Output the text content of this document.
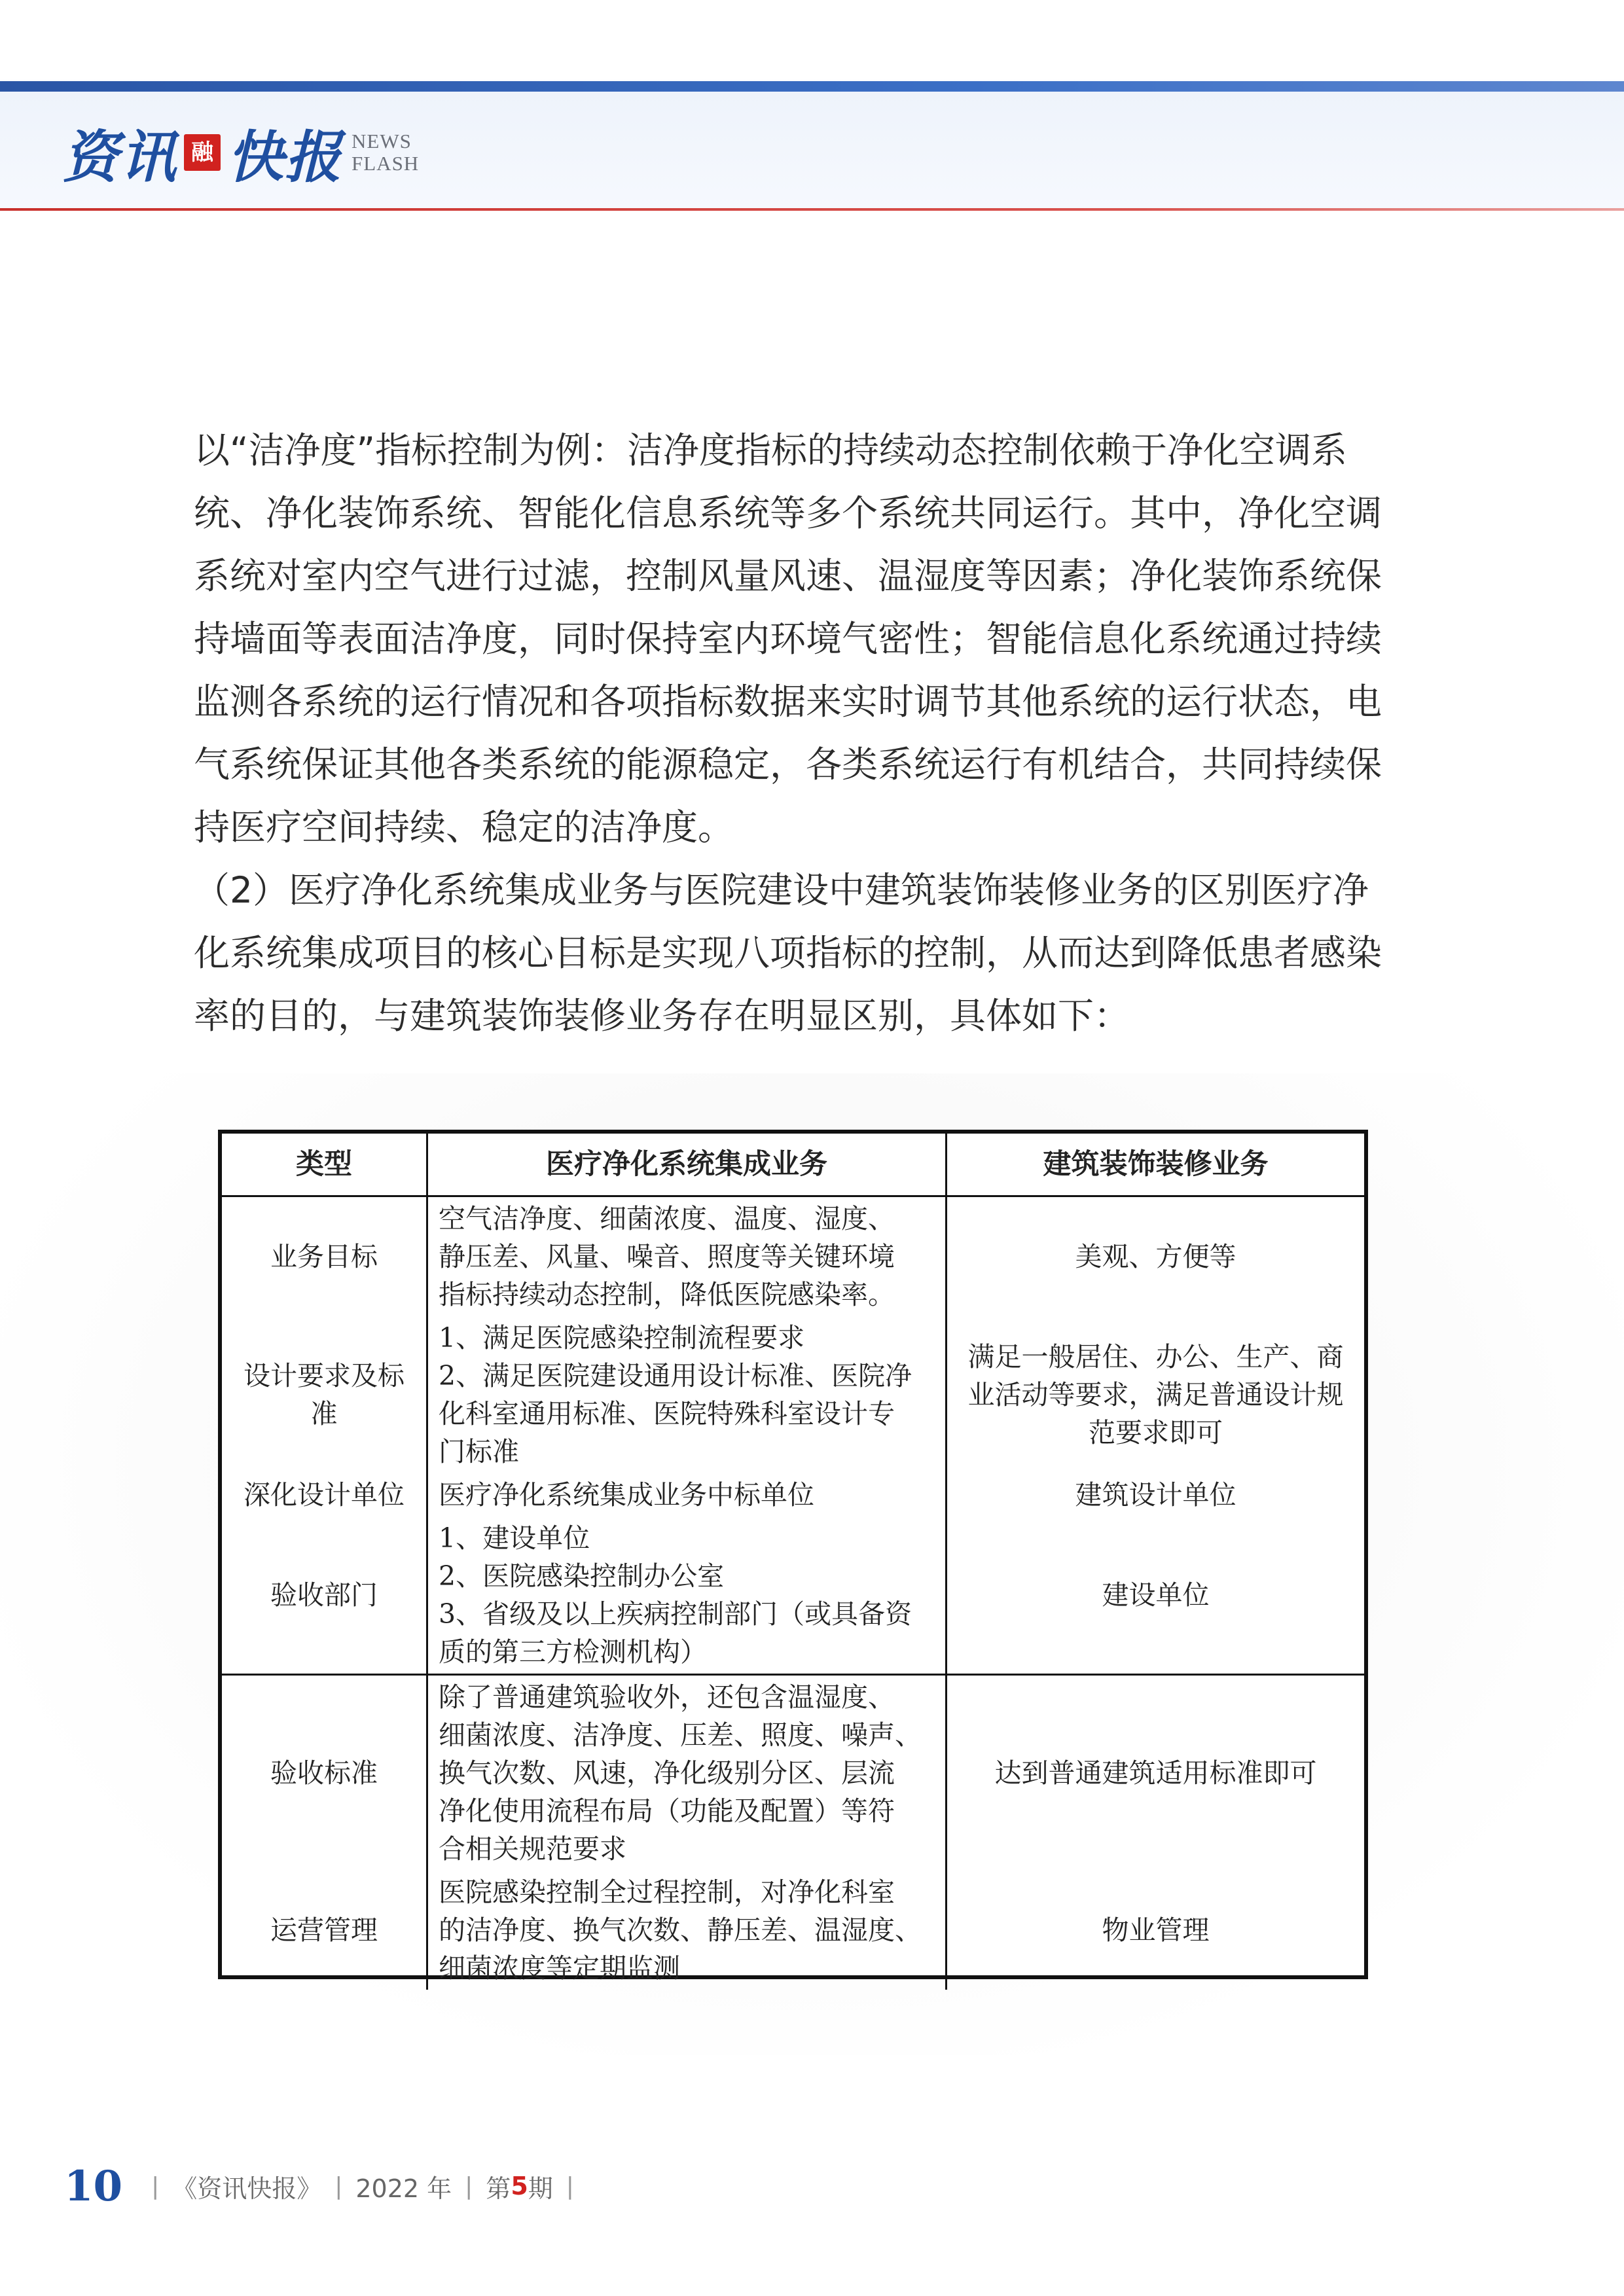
资讯 融 快报 NEWS
FLASH

以“洁净度”指标控制为例：洁净度指标的持续动态控制依赖于净化空调系统、净化装饰系统、智能化信息系统等多个系统共同运行。其中，净化空调系统对室内空气进行过滤，控制风量风速、温湿度等因素；净化装饰系统保持墙面等表面洁净度，同时保持室内环境气密性；智能信息化系统通过持续监测各系统的运行情况和各项指标数据来实时调节其他系统的运行状态，电气系统保证其他各类系统的能源稳定，各类系统运行有机结合，共同持续保持医疗空间持续、稳定的洁净度。

（2）医疗净化系统集成业务与医院建设中建筑装饰装修业务的区别医疗净化系统集成项目的核心目标是实现八项指标的控制，从而达到降低患者感染率的目的，与建筑装饰装修业务存在明显区别，具体如下：

类型	医疗净化系统集成业务	建筑装饰装修业务
业务目标	空气洁净度、细菌浓度、温度、湿度、
静压差、风量、噪音、照度等关键环境
指标持续动态控制，降低医院感染率。	美观、方便等
设计要求及标准	1、满足医院感染控制流程要求
2、满足医院建设通用设计标准、医院净
化科室通用标准、医院特殊科室设计专
门标准	满足一般居住、办公、生产、商业活动等要求，满足普通设计规范要求即可
深化设计单位	医疗净化系统集成业务中标单位	建筑设计单位
验收部门	1、建设单位
2、医院感染控制办公室
3、省级及以上疾病控制部门（或具备资
质的第三方检测机构）	建设单位
验收标准	除了普通建筑验收外，还包含温湿度、
细菌浓度、洁净度、压差、照度、噪声、
换气次数、风速，净化级别分区、层流
净化使用流程布局（功能及配置）等符
合相关规范要求	达到普通建筑适用标准即可
运营管理	医院感染控制全过程控制，对净化科室
的洁净度、换气次数、静压差、温湿度、
细菌浓度等定期监测	物业管理
10 | 《资讯快报》 | 2022 年 | 第 5 期 |
